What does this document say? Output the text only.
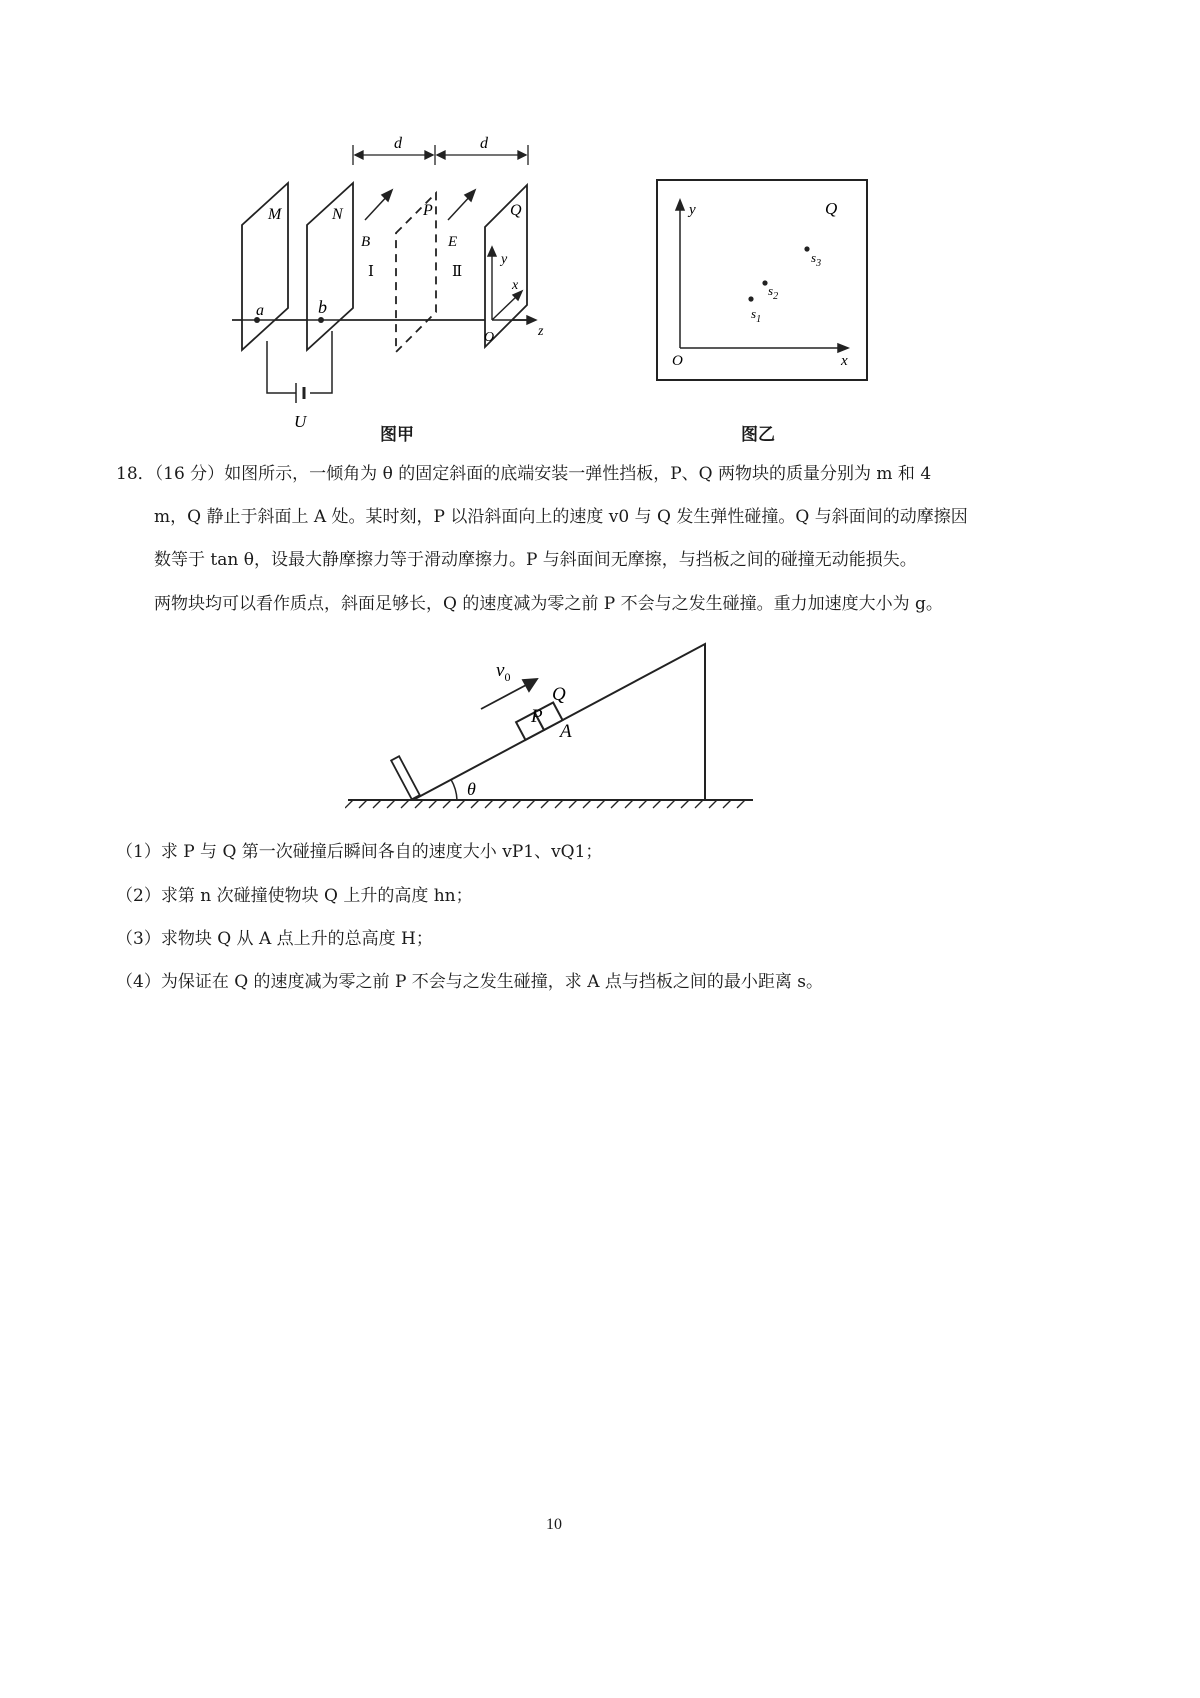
d	d
M	N
a	b
U
B
Ⅰ
P
E
Ⅱ
Q
y
x
O	z
图甲
y	Q
O	x
$s_1$
$s_2$
$s_3$
图乙
18．（16 分）如图所示，一倾角为 θ 的固定斜面的底端安装一弹性挡板，P、Q 两物块的质量分别为 m 和 4
m，Q 静止于斜面上 A 处。某时刻，P 以沿斜面向上的速度 v0 与 Q 发生弹性碰撞。Q 与斜面间的动摩擦因
数等于 tan θ，设最大静摩擦力等于滑动摩擦力。P 与斜面间无摩擦，与挡板之间的碰撞无动能损失。
两物块均可以看作质点，斜面足够长，Q 的速度减为零之前 P 不会与之发生碰撞。重力加速度大小为 g。
θ
P
Q
A
$v_0$
（1）求 P 与 Q 第一次碰撞后瞬间各自的速度大小 vP1、vQ1；
（2）求第 n 次碰撞使物块 Q 上升的高度 hn；
（3）求物块 Q 从 A 点上升的总高度 H；
（4）为保证在 Q 的速度减为零之前 P 不会与之发生碰撞，求 A 点与挡板之间的最小距离 s。
10
